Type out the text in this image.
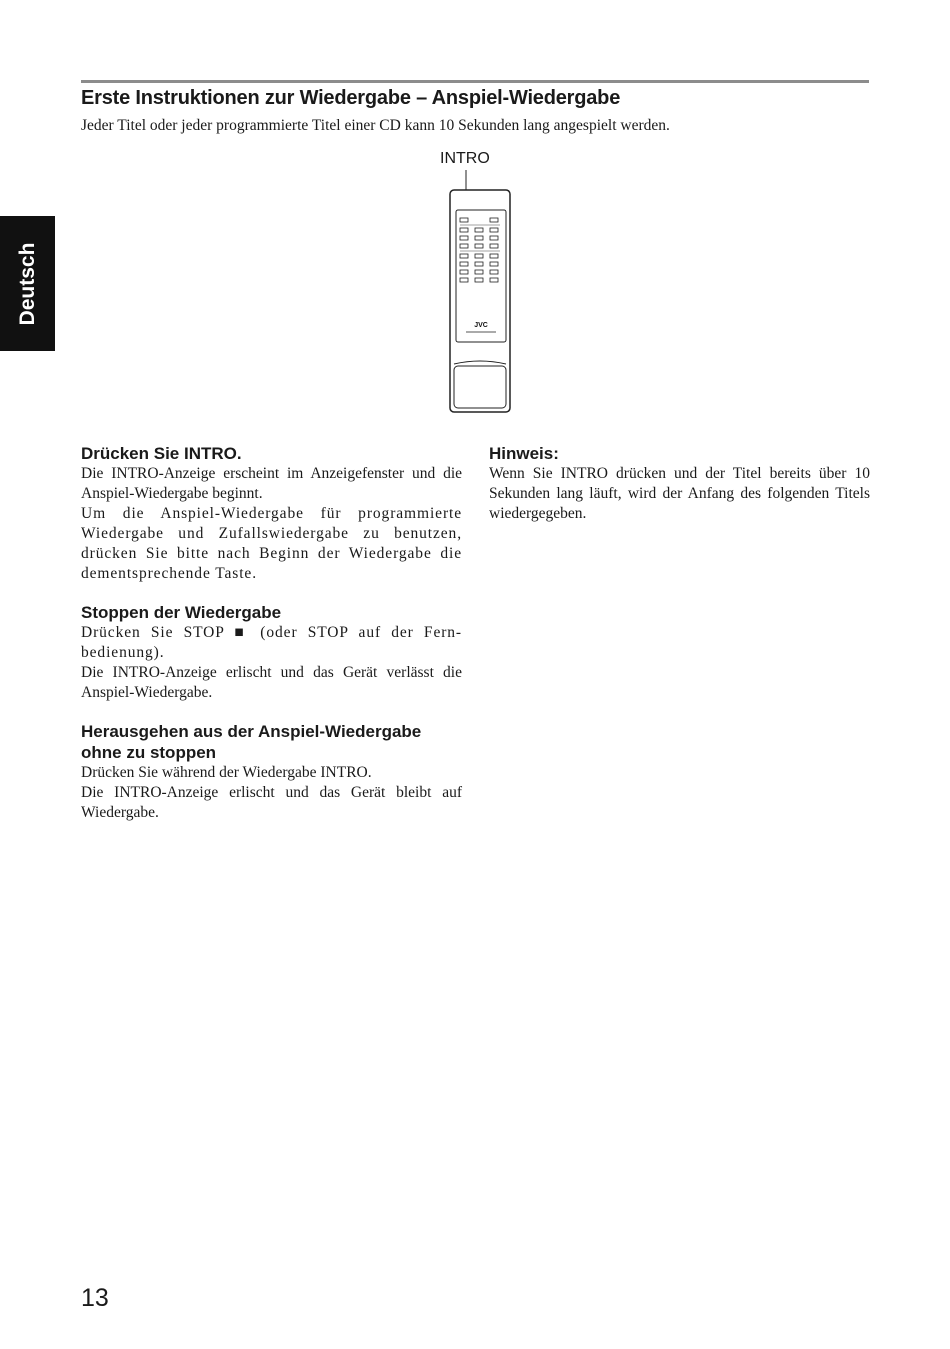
Erste Instruktionen zur Wiedergabe – Anspiel-Wiedergabe
Jeder Titel oder jeder programmierte Titel einer CD kann 10 Sekunden lang angespielt werden.
Deutsch
INTRO
JVC
Drücken Sie INTRO.

Die INTRO-Anzeige erscheint im Anzeigefenster und die Anspiel-Wiedergabe beginnt.

Um die Anspiel-Wiedergabe für programmierte Wiedergabe und Zufallswiedergabe zu benutzen, drücken Sie bitte nach Beginn der Wiedergabe die dementsprechende Taste.

Stoppen der Wiedergabe

Drücken Sie STOP ■ (oder STOP auf der Fern-bedienung).

Die INTRO-Anzeige erlischt und das Gerät verlässt die Anspiel-Wiedergabe.

Herausgehen aus der Anspiel-Wiedergabe ohne zu stoppen

Drücken Sie während der Wiedergabe INTRO.

Die INTRO-Anzeige erlischt und das Gerät bleibt auf Wiedergabe.

Hinweis:

Wenn Sie INTRO drücken und der Titel bereits über 10 Sekunden lang läuft, wird der Anfang des folgenden Titels wiedergegeben.

13
